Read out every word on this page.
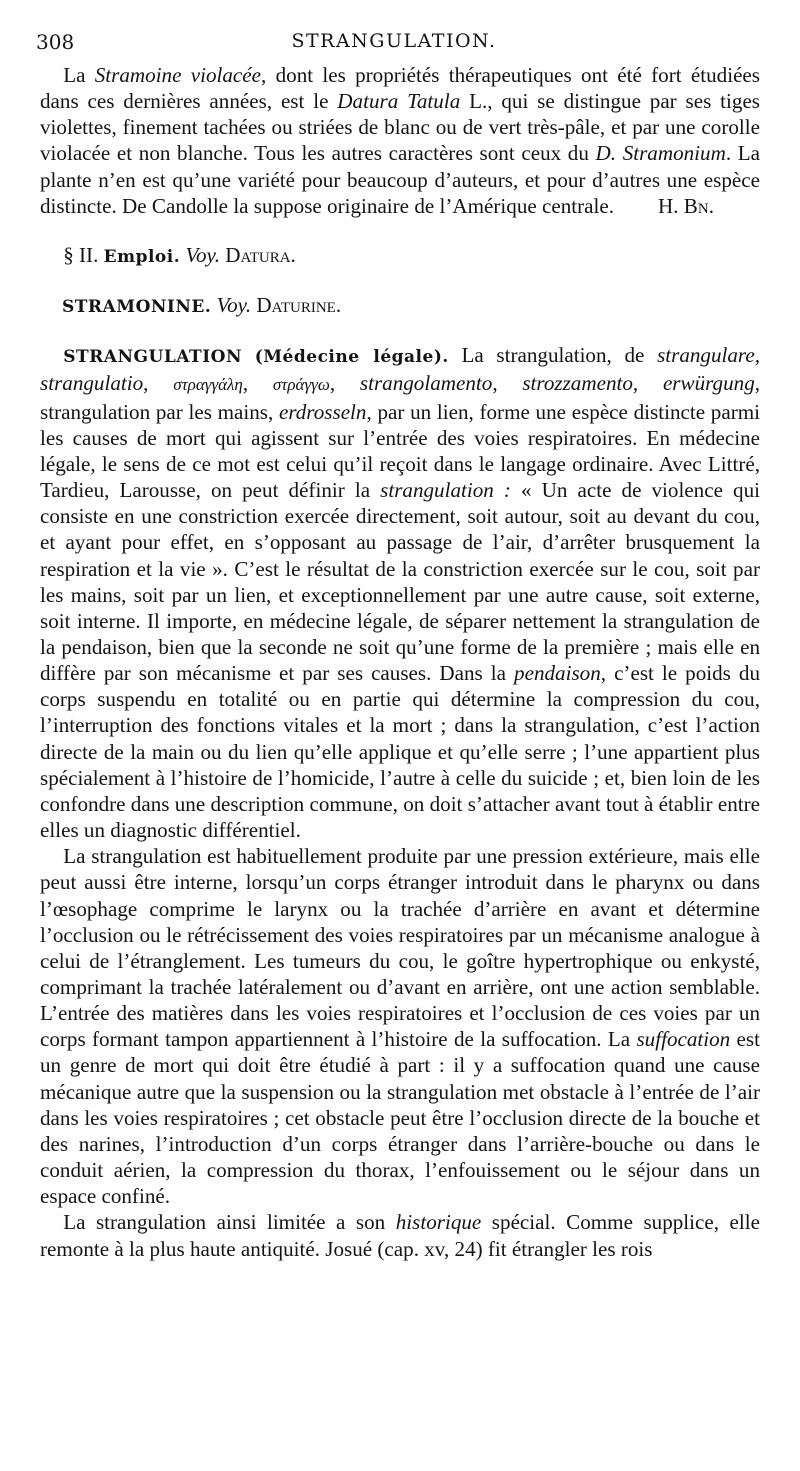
308	STRANGULATION.

La Stramoine violacée, dont les propriétés thérapeutiques ont été fort étudiées dans ces dernières années, est le Datura Tatula L., qui se distingue par ses tiges violettes, finement tachées ou striées de blanc ou de vert très-pâle, et par une corolle violacée et non blanche. Tous les autres caractères sont ceux du D. Stramonium. La plante n’en est qu’une variété pour beaucoup d’auteurs, et pour d’autres une espèce distincte. De Candolle la suppose originaire de l’Amérique centrale.	H. Bn.

§ II. Emploi. Voy. Datura.

STRAMONINE. Voy. Daturine.

STRANGULATION (Médecine légale). La strangulation, de strangulare, strangulatio, στραγγάλη, στράγγω, strangolamento, strozzamento, erwürgung, strangulation par les mains, erdrosseln, par un lien, forme une espèce distincte parmi les causes de mort qui agissent sur l’entrée des voies respiratoires. En médecine légale, le sens de ce mot est celui qu’il reçoit dans le langage ordinaire. Avec Littré, Tardieu, Larousse, on peut définir la strangulation : « Un acte de violence qui consiste en une constriction exercée directement, soit autour, soit au devant du cou, et ayant pour effet, en s’opposant au passage de l’air, d’arrêter brusquement la respiration et la vie ». C’est le résultat de la constriction exercée sur le cou, soit par les mains, soit par un lien, et exceptionnellement par une autre cause, soit externe, soit interne. Il importe, en médecine légale, de séparer nettement la strangulation de la pendaison, bien que la seconde ne soit qu’une forme de la première ; mais elle en diffère par son mécanisme et par ses causes. Dans la pendaison, c’est le poids du corps suspendu en totalité ou en partie qui détermine la compression du cou, l’interruption des fonctions vitales et la mort ; dans la strangulation, c’est l’action directe de la main ou du lien qu’elle applique et qu’elle serre ; l’une appartient plus spécialement à l’histoire de l’homicide, l’autre à celle du suicide ; et, bien loin de les confondre dans une description commune, on doit s’attacher avant tout à établir entre elles un diagnostic différentiel.

La strangulation est habituellement produite par une pression extérieure, mais elle peut aussi être interne, lorsqu’un corps étranger introduit dans le pharynx ou dans l’œsophage comprime le larynx ou la trachée d’arrière en avant et détermine l’occlusion ou le rétrécissement des voies respiratoires par un mécanisme analogue à celui de l’étranglement. Les tumeurs du cou, le goître hypertrophique ou enkysté, comprimant la trachée latéralement ou d’avant en arrière, ont une action semblable. L’entrée des matières dans les voies respiratoires et l’occlusion de ces voies par un corps formant tampon appartiennent à l’histoire de la suffocation. La suffocation est un genre de mort qui doit être étudié à part : il y a suffocation quand une cause mécanique autre que la suspension ou la strangulation met obstacle à l’entrée de l’air dans les voies respiratoires ; cet obstacle peut être l’occlusion directe de la bouche et des narines, l’introduction d’un corps étranger dans l’arrière-bouche ou dans le conduit aérien, la compression du thorax, l’enfouissement ou le séjour dans un espace confiné.

La strangulation ainsi limitée a son historique spécial. Comme supplice, elle remonte à la plus haute antiquité. Josué (cap. xv, 24) fit étrangler les rois
